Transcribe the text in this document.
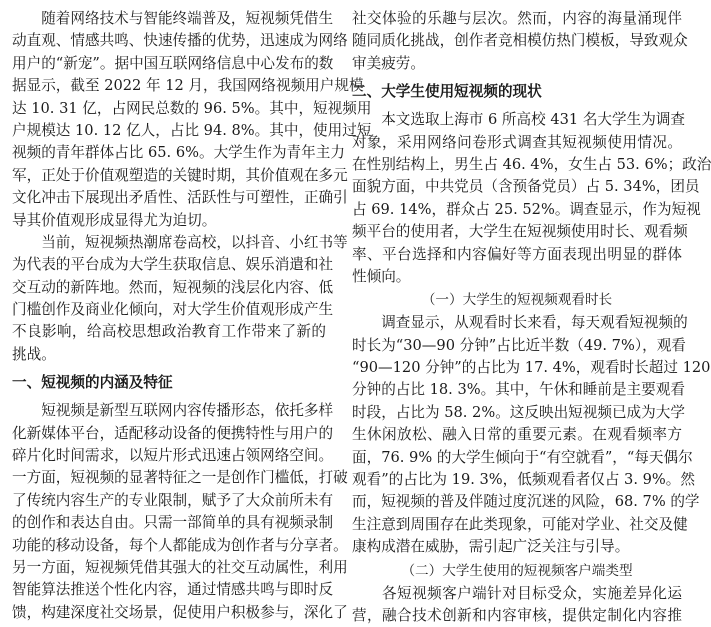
　　随着网络技术与智能终端普及，短视频凭借生
动直观、情感共鸣、快速传播的优势，迅速成为网络
用户的“新宠”。据中国互联网络信息中心发布的数
据显示，截至 2022 年 12 月，我国网络视频用户规模
达 10. 31 亿，占网民总数的 96. 5%。其中，短视频用
户规模达 10. 12 亿人，占比 94. 8%。其中，使用过短
视频的青年群体占比 65. 6%。大学生作为青年主力
军，正处于价值观塑造的关键时期，其价值观在多元
文化冲击下展现出矛盾性、活跃性与可塑性，正确引
导其价值观形成显得尤为迫切。
　　当前，短视频热潮席卷高校，以抖音、小红书等
为代表的平台成为大学生获取信息、娱乐消遣和社
交互动的新阵地。然而，短视频的浅层化内容、低
门槛创作及商业化倾向，对大学生价值观形成产生
不良影响，给高校思想政治教育工作带来了新的
挑战。
一、短视频的内涵及特征
　　短视频是新型互联网内容传播形态，依托多样
化新媒体平台，适配移动设备的便携特性与用户的
碎片化时间需求，以短片形式迅速占领网络空间。
一方面，短视频的显著特征之一是创作门槛低，打破
了传统内容生产的专业限制，赋予了大众前所未有
的创作和表达自由。只需一部简单的具有视频录制
功能的移动设备，每个人都能成为创作者与分享者。
另一方面，短视频凭借其强大的社交互动属性，利用
智能算法推送个性化内容，通过情感共鸣与即时反
馈，构建深度社交场景，促使用户积极参与，深化了
社交体验的乐趣与层次。然而，内容的海量涌现伴
随同质化挑战，创作者竞相模仿热门模板，导致观众
审美疲劳。
二、大学生使用短视频的现状
　　本文选取上海市 6 所高校 431 名大学生为调查
对象，采用网络问卷形式调查其短视频使用情况。
在性别结构上，男生占 46. 4%，女生占 53. 6%；政治
面貌方面，中共党员（含预备党员）占 5. 34%，团员
占 69. 14%，群众占 25. 52%。调查显示，作为短视
频平台的使用者，大学生在短视频使用时长、观看频
率、平台选择和内容偏好等方面表现出明显的群体
性倾向。
（一）大学生的短视频观看时长
　　调查显示，从观看时长来看，每天观看短视频的
时长为“30—90 分钟”占比近半数（49. 7%），观看
“90—120 分钟”的占比为 17. 4%，观看时长超过 120
分钟的占比 18. 3%。其中，午休和睡前是主要观看
时段，占比为 58. 2%。这反映出短视频已成为大学
生休闲放松、融入日常的重要元素。在观看频率方
面，76. 9% 的大学生倾向于“有空就看”，“每天偶尔
观看”的占比为 19. 3%，低频观看者仅占 3. 9%。然
而，短视频的普及伴随过度沉迷的风险，68. 7% 的学
生注意到周围存在此类现象，可能对学业、社交及健
康构成潜在威胁，需引起广泛关注与引导。
（二）大学生使用的短视频客户端类型
　　各短视频客户端针对目标受众，实施差异化运
营，融合技术创新和内容审核，提供定制化内容推
